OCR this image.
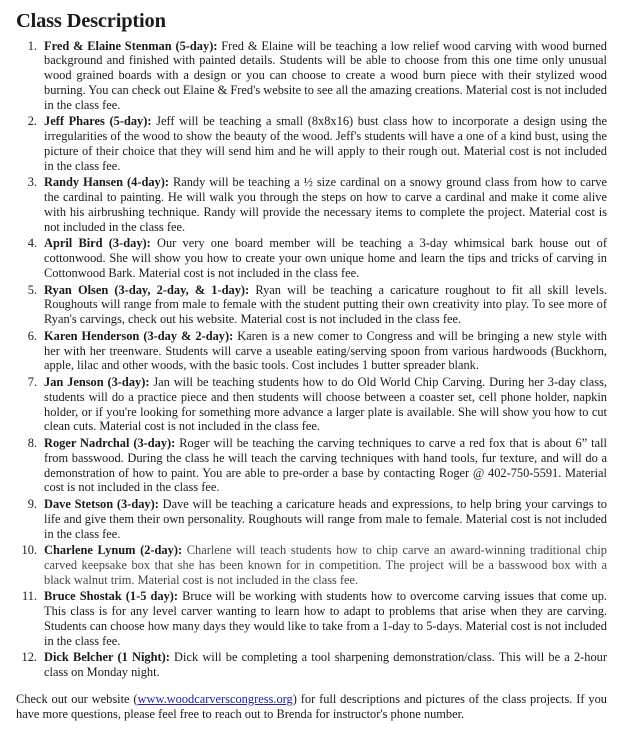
Class Description
1. Fred & Elaine Stenman (5-day): Fred & Elaine will be teaching a low relief wood carving with wood burned background and finished with painted details. Students will be able to choose from this one time only unusual wood grained boards with a design or you can choose to create a wood burn piece with their stylized wood burning. You can check out Elaine & Fred's website to see all the amazing creations. Material cost is not included in the class fee.
2. Jeff Phares (5-day): Jeff will be teaching a small (8x8x16) bust class how to incorporate a design using the irregularities of the wood to show the beauty of the wood. Jeff's students will have a one of a kind bust, using the picture of their choice that they will send him and he will apply to their rough out. Material cost is not included in the class fee.
3. Randy Hansen (4-day): Randy will be teaching a ½ size cardinal on a snowy ground class from how to carve the cardinal to painting. He will walk you through the steps on how to carve a cardinal and make it come alive with his airbrushing technique. Randy will provide the necessary items to complete the project. Material cost is not included in the class fee.
4. April Bird (3-day): Our very one board member will be teaching a 3-day whimsical bark house out of cottonwood. She will show you how to create your own unique home and learn the tips and tricks of carving in Cottonwood Bark. Material cost is not included in the class fee.
5. Ryan Olsen (3-day, 2-day, & 1-day): Ryan will be teaching a caricature roughout to fit all skill levels. Roughouts will range from male to female with the student putting their own creativity into play. To see more of Ryan's carvings, check out his website. Material cost is not included in the class fee.
6. Karen Henderson (3-day & 2-day): Karen is a new comer to Congress and will be bringing a new style with her with her treenware. Students will carve a useable eating/serving spoon from various hardwoods (Buckhorn, apple, lilac and other woods, with the basic tools. Cost includes 1 butter spreader blank.
7. Jan Jenson (3-day): Jan will be teaching students how to do Old World Chip Carving. During her 3-day class, students will do a practice piece and then students will choose between a coaster set, cell phone holder, napkin holder, or if you're looking for something more advance a larger plate is available. She will show you how to cut clean cuts. Material cost is not included in the class fee.
8. Roger Nadrchal (3-day): Roger will be teaching the carving techniques to carve a red fox that is about 6” tall from basswood. During the class he will teach the carving techniques with hand tools, fur texture, and will do a demonstration of how to paint. You are able to pre-order a base by contacting Roger @ 402-750-5591. Material cost is not included in the class fee.
9. Dave Stetson (3-day): Dave will be teaching a caricature heads and expressions, to help bring your carvings to life and give them their own personality. Roughouts will range from male to female. Material cost is not included in the class fee.
10. Charlene Lynum (2-day): Charlene will teach students how to chip carve an award-winning traditional chip carved keepsake box that she has been known for in competition. The project will be a basswood box with a black walnut trim. Material cost is not included in the class fee.
11. Bruce Shostak (1-5 day): Bruce will be working with students how to overcome carving issues that come up. This class is for any level carver wanting to learn how to adapt to problems that arise when they are carving. Students can choose how many days they would like to take from a 1-day to 5-days. Material cost is not included in the class fee.
12. Dick Belcher (1 Night): Dick will be completing a tool sharpening demonstration/class. This will be a 2-hour class on Monday night.

Check out our website (www.woodcarverscongress.org) for full descriptions and pictures of the class projects. If you have more questions, please feel free to reach out to Brenda for instructor's phone number.
